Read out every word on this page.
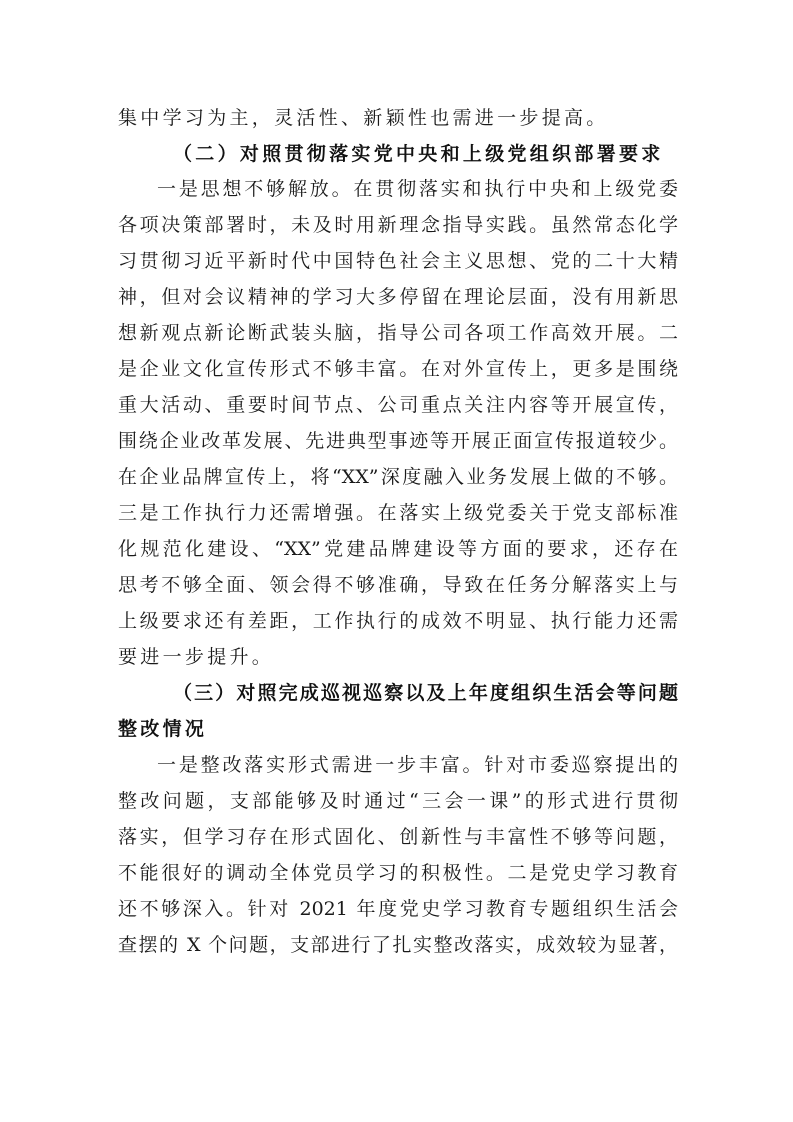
集中学习为主，灵活性、新颖性也需进一步提高。
（二）对照贯彻落实党中央和上级党组织部署要求
一是思想不够解放。在贯彻落实和执行中央和上级党委
各项决策部署时，未及时用新理念指导实践。虽然常态化学
习贯彻习近平新时代中国特色社会主义思想、党的二十大精
神，但对会议精神的学习大多停留在理论层面，没有用新思
想新观点新论断武装头脑，指导公司各项工作高效开展。二
是企业文化宣传形式不够丰富。在对外宣传上，更多是围绕
重大活动、重要时间节点、公司重点关注内容等开展宣传，
围绕企业改革发展、先进典型事迹等开展正面宣传报道较少。
在企业品牌宣传上，将“XX”深度融入业务发展上做的不够。
三是工作执行力还需增强。在落实上级党委关于党支部标准
化规范化建设、“XX”党建品牌建设等方面的要求，还存在
思考不够全面、领会得不够准确，导致在任务分解落实上与
上级要求还有差距，工作执行的成效不明显、执行能力还需
要进一步提升。
（三）对照完成巡视巡察以及上年度组织生活会等问题
整改情况
一是整改落实形式需进一步丰富。针对市委巡察提出的
整改问题，支部能够及时通过“三会一课”的形式进行贯彻
落实，但学习存在形式固化、创新性与丰富性不够等问题，
不能很好的调动全体党员学习的积极性。二是党史学习教育
还不够深入。针对 2021 年度党史学习教育专题组织生活会
查摆的 X 个问题，支部进行了扎实整改落实，成效较为显著，
